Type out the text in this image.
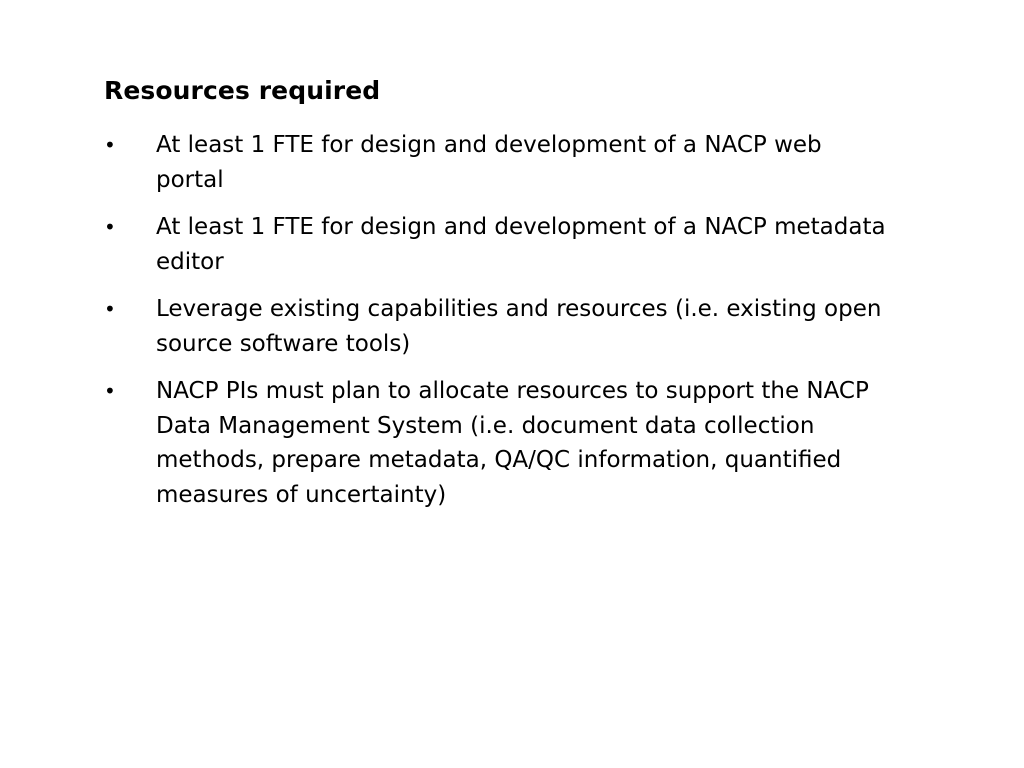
Resources required
•	At least 1 FTE for design and development of a NACP web portal
•	At least 1 FTE for design and development of a NACP metadata editor
•	Leverage existing capabilities and resources (i.e. existing open source software tools)
•	NACP PIs must plan to allocate resources to support the NACP Data Management System (i.e. document data collection methods, prepare metadata, QA/QC information, quantified measures of uncertainty)
